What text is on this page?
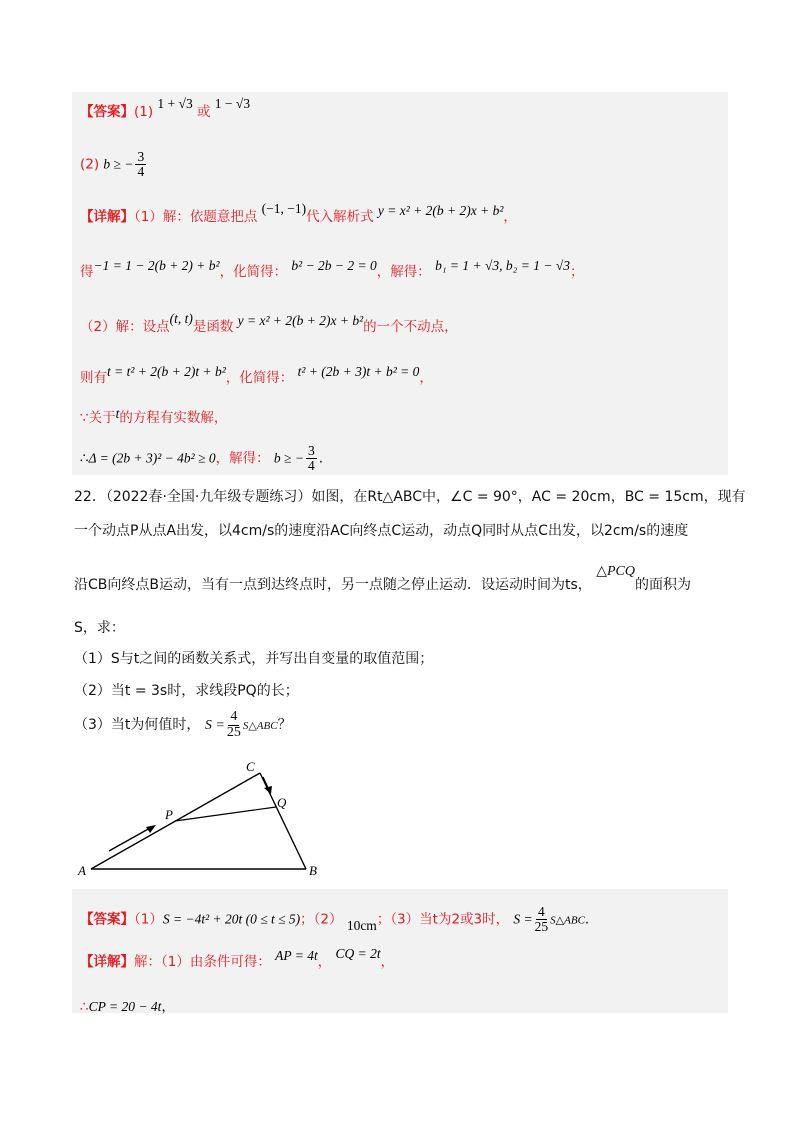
【答案】(1) 1 + √3 或 1 − √3
(2) b ≥ − $\frac{3}{4}$
【详解】（1）解：依题意把点 (−1, −1)代入解析式 y = x² + 2(b + 2)x + b²，
得−1 = 1 − 2(b + 2) + b²，化简得： b² − 2b − 2 = 0，解得： b₁ = 1 + √3, b₂ = 1 − √3；
（2）解：设点(t, t)是函数 y = x² + 2(b + 2)x + b²的一个不动点，
则有t = t² + 2(b + 2)t + b²，化简得： t² + (2b + 3)t + b² = 0，
∵关于t的方程有实数解，
∴Δ = (2b + 3)² − 4b² ≥ 0，解得： b ≥ − $\frac{3}{4}$ .
22．（2022春·全国·九年级专题练习）如图，在Rt△ABC中，∠C = 90°，AC = 20cm，BC = 15cm，现有
一个动点P从点A出发，以4cm/s的速度沿AC向终点C运动，动点Q同时从点C出发，以2cm/s的速度
沿CB向终点B运动，当有一点到达终点时，另一点随之停止运动．设运动时间为ts， △PCQ的面积为
S，求：
（1）S与t之间的函数关系式，并写出自变量的取值范围；
（2）当t = 3s时，求线段PQ的长；
（3）当t为何值时， $S = \frac{4}{25}$ S△ABC？
A	B
C
P
Q
【答案】（1）S = −4t² + 20t (0 ≤ t ≤ 5)；（2） 10cm；（3）当t为2或3时， $S = \frac{4}{25}$ S△ABC.
【详解】解：（1）由条件可得： AP = 4t， CQ = 2t，
∴CP = 20 − 4t，
